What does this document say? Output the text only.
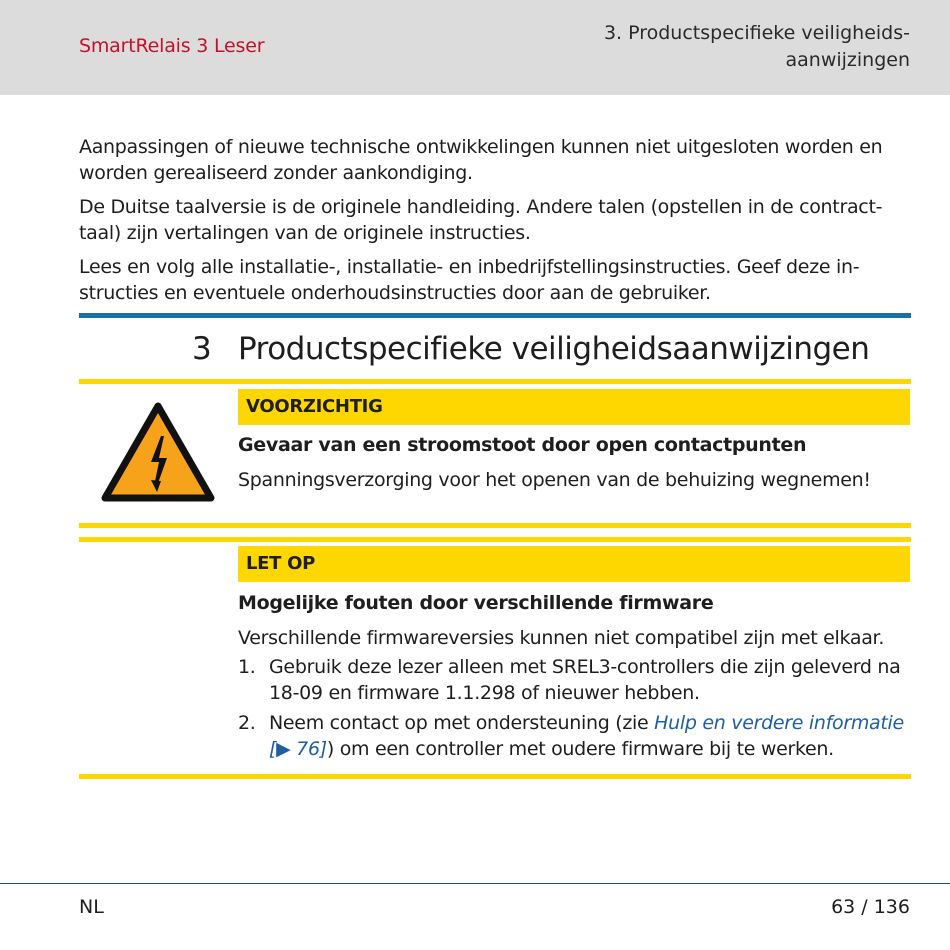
SmartRelais 3 Leser
3. Productspecifieke veiligheids-
aanwijzingen

Aanpassingen of nieuwe technische ontwikkelingen kunnen niet uitgesloten worden en worden gerealiseerd zonder aankondiging.

De Duitse taalversie is de originele handleiding. Andere talen (opstellen in de contract-taal) zijn vertalingen van de originele instructies.

Lees en volg alle installatie-, installatie- en inbedrijfstellingsinstructies. Geef deze in-structies en eventuele onderhoudsinstructies door aan de gebruiker.

3 Productspecifieke veiligheidsaanwijzingen
VOORZICHTIG
Gevaar van een stroomstoot door open contactpunten
Spanningsverzorging voor het openen van de behuizing wegnemen!
LET OP
Mogelijke fouten door verschillende firmware
Verschillende firmwareversies kunnen niet compatibel zijn met elkaar.
1. Gebruik deze lezer alleen met SREL3-controllers die zijn geleverd na 18-09 en firmware 1.1.298 of nieuwer hebben.
2. Neem contact op met ondersteuning (zie Hulp en verdere informatie [▶ 76]) om een controller met oudere firmware bij te werken.
NL	63 / 136
